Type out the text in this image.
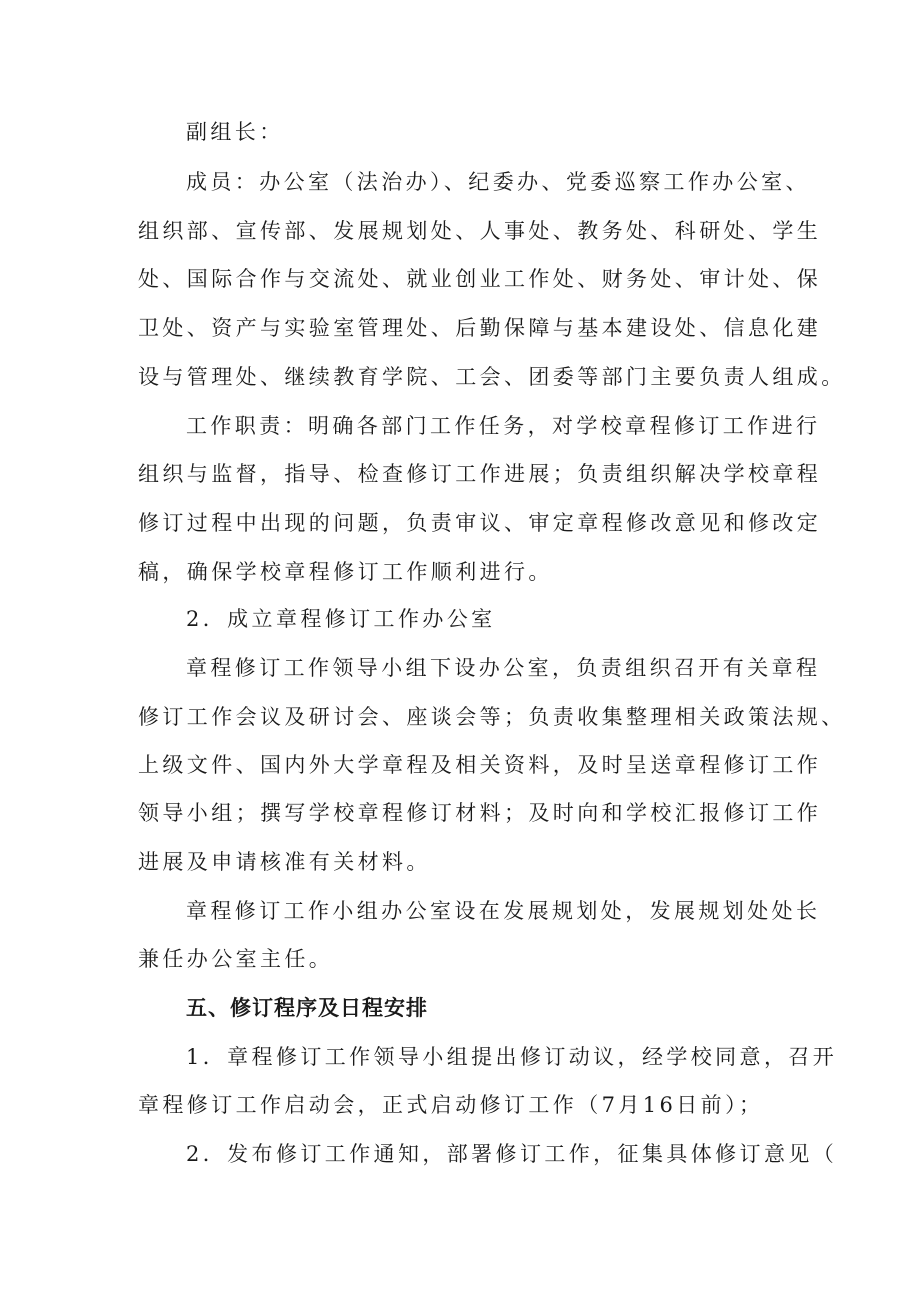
副组长：
成员：办公室（法治办）、纪委办、党委巡察工作办公室、
组织部、宣传部、发展规划处、人事处、教务处、科研处、学生
处、国际合作与交流处、就业创业工作处、财务处、审计处、保
卫处、资产与实验室管理处、后勤保障与基本建设处、信息化建
设与管理处、继续教育学院、工会、团委等部门主要负责人组成。
工作职责：明确各部门工作任务，对学校章程修订工作进行
组织与监督，指导、检查修订工作进展；负责组织解决学校章程
修订过程中出现的问题，负责审议、审定章程修改意见和修改定
稿，确保学校章程修订工作顺利进行。
2．成立章程修订工作办公室
章程修订工作领导小组下设办公室，负责组织召开有关章程
修订工作会议及研讨会、座谈会等；负责收集整理相关政策法规、
上级文件、国内外大学章程及相关资料，及时呈送章程修订工作
领导小组；撰写学校章程修订材料；及时向和学校汇报修订工作
进展及申请核准有关材料。
章程修订工作小组办公室设在发展规划处，发展规划处处长
兼任办公室主任。
五、修订程序及日程安排
1．章程修订工作领导小组提出修订动议，经学校同意，召开
章程修订工作启动会，正式启动修订工作（7月16日前）；
2．发布修订工作通知，部署修订工作，征集具体修订意见（
